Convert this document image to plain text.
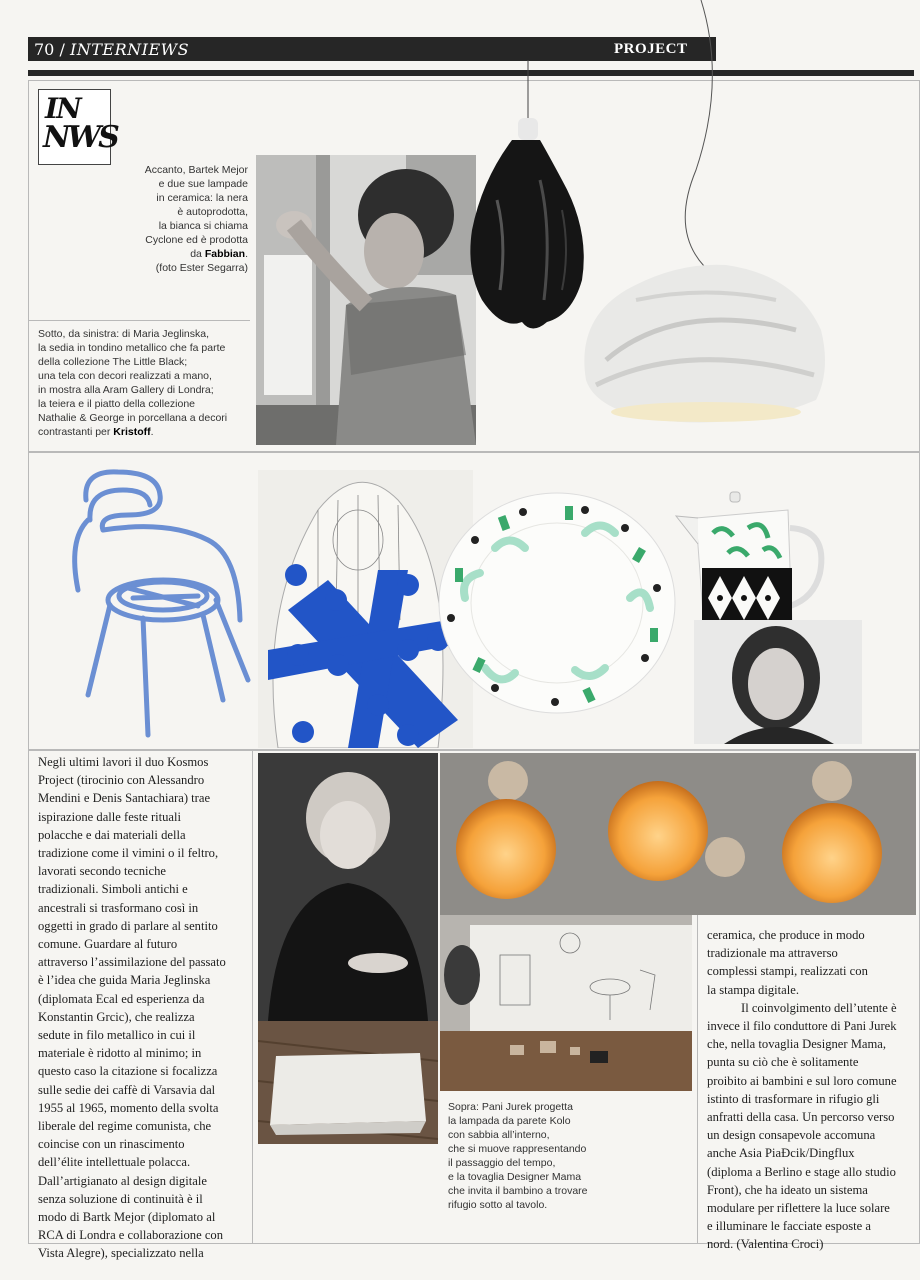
70 / INTERNIEWS	PROJECT
IN
NWS
Accanto, Bartek Mejor
e due sue lampade
in ceramica: la nera
è autoprodotta,
la bianca si chiama
Cyclone ed è prodotta
da Fabbian.
(foto Ester Segarra)
Sotto, da sinistra: di Maria Jeglinska,
la sedia in tondino metallico che fa parte
della collezione The Little Black;
una tela con decori realizzati a mano,
in mostra alla Aram Gallery di Londra;
la teiera e il piatto della collezione
Nathalie & George in porcellana a decori
contrastanti per Kristoff.
Negli ultimi lavori il duo Kosmos
Project (tirocinio con Alessandro
Mendini e Denis Santachiara) trae
ispirazione dalle feste rituali
polacche e dai materiali della
tradizione come il vimini o il feltro,
lavorati secondo tecniche
tradizionali. Simboli antichi e
ancestrali si trasformano così in
oggetti in grado di parlare al sentito
comune. Guardare al futuro
attraverso l’assimilazione del passato
è l’idea che guida Maria Jeglinska
(diplomata Ecal ed esperienza da
Konstantin Grcic), che realizza
sedute in filo metallico in cui il
materiale è ridotto al minimo; in
questo caso la citazione si focalizza
sulle sedie dei caffè di Varsavia dal
1955 al 1965, momento della svolta
liberale del regime comunista, che
coincise con un rinascimento
dell’élite intellettuale polacca.
Dall’artigianato al design digitale
senza soluzione di continuità è il
modo di Bartk Mejor (diplomato al
RCA di Londra e collaborazione con
Vista Alegre), specializzato nella
Sopra: Pani Jurek progetta
la lampada da parete Kolo
con sabbia all’interno,
che si muove rappresentando
il passaggio del tempo,
e la tovaglia Designer Mama
che invita il bambino a trovare
rifugio sotto al tavolo.
ceramica, che produce in modo
tradizionale ma attraverso
complessi stampi, realizzati con
la stampa digitale.
Il coinvolgimento dell’utente è
invece il filo conduttore di Pani Jurek
che, nella tovaglia Designer Mama,
punta su ciò che è solitamente
proibito ai bambini e sul loro comune
istinto di trasformare in rifugio gli
anfratti della casa. Un percorso verso
un design consapevole accomuna
anche Asia PiaĐcik/Dingflux
(diploma a Berlino e stage allo studio
Front), che ha ideato un sistema
modulare per riflettere la luce solare
e illuminare le facciate esposte a
nord. (Valentina Croci)
